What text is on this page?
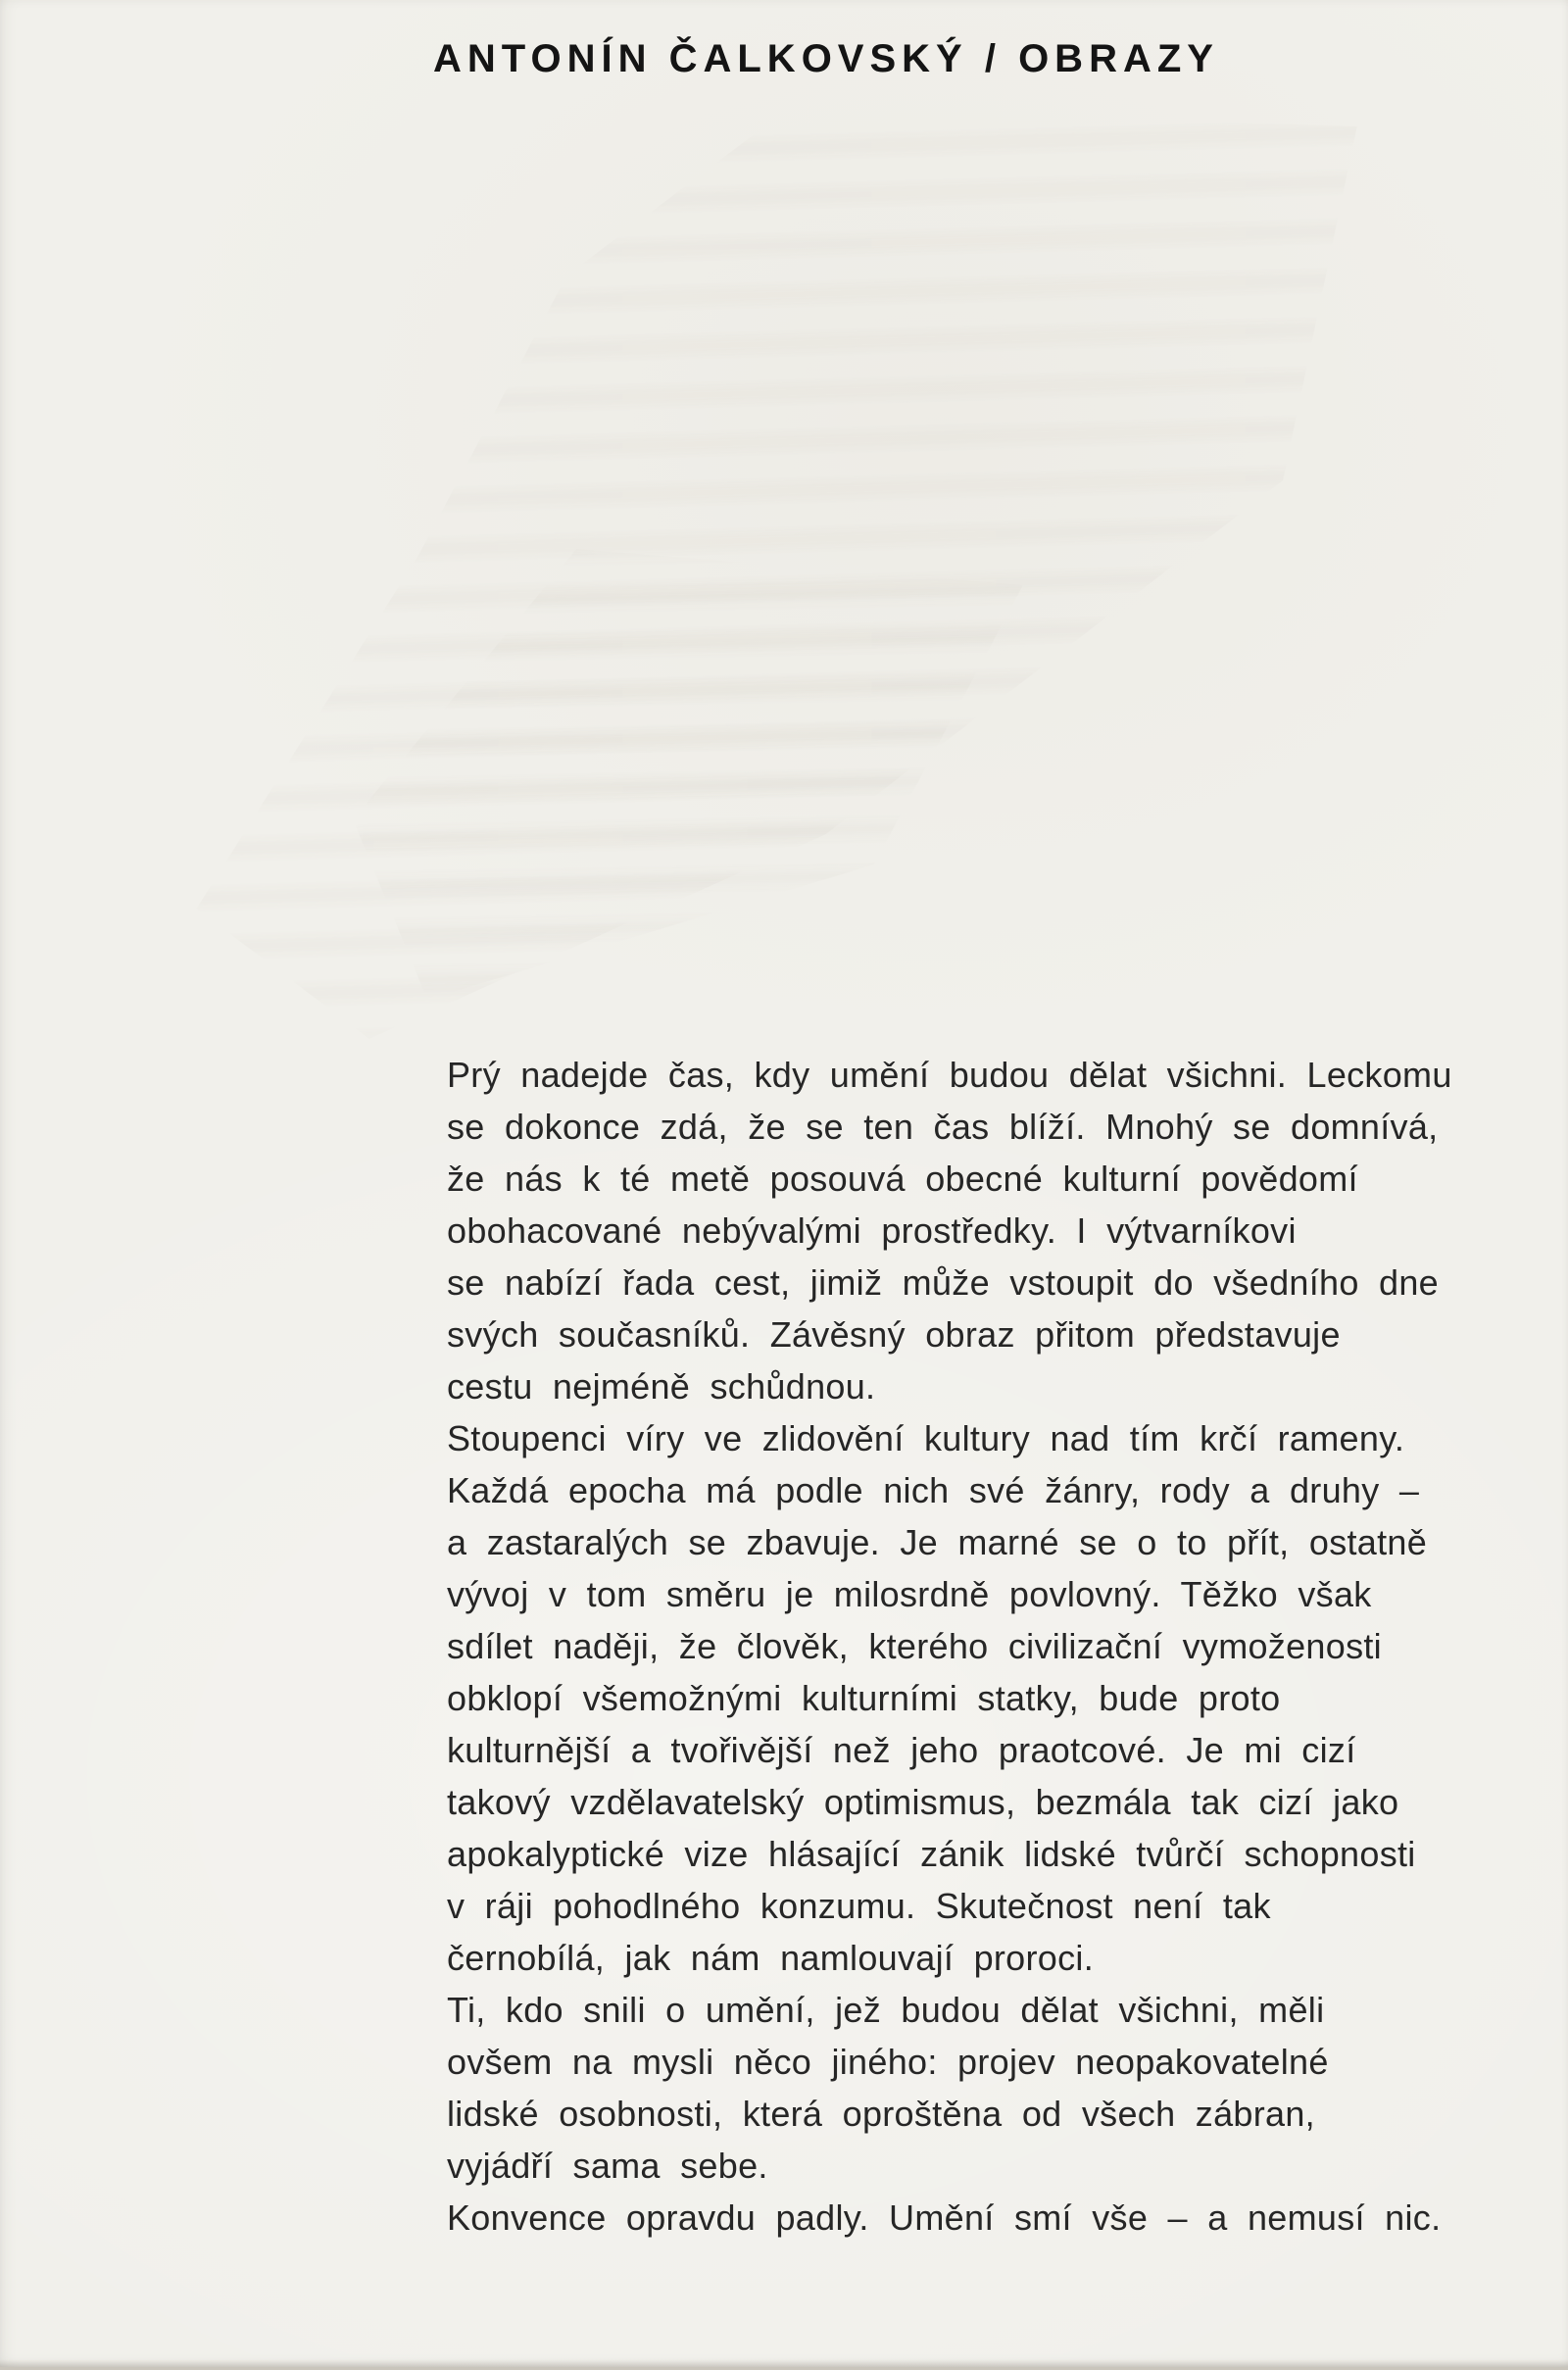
ANTONÍN ČALKOVSKÝ / OBRAZY
Prý nadejde čas, kdy umění budou dělat všichni. Leckomu
se dokonce zdá, že se ten čas blíží. Mnohý se domnívá,
že nás k té metě posouvá obecné kulturní povědomí
obohacované nebývalými prostředky. I výtvarníkovi
se nabízí řada cest, jimiž může vstoupit do všedního dne
svých současníků. Závěsný obraz přitom představuje
cestu nejméně schůdnou.
Stoupenci víry ve zlidovění kultury nad tím krčí rameny.
Každá epocha má podle nich své žánry, rody a druhy –
a zastaralých se zbavuje. Je marné se o to přít, ostatně
vývoj v tom směru je milosrdně povlovný. Těžko však
sdílet naději, že člověk, kterého civilizační vymoženosti
obklopí všemožnými kulturními statky, bude proto
kulturnější a tvořivější než jeho praotcové. Je mi cizí
takový vzdělavatelský optimismus, bezmála tak cizí jako
apokalyptické vize hlásající zánik lidské tvůrčí schopnosti
v ráji pohodlného konzumu. Skutečnost není tak
černobílá, jak nám namlouvají proroci.
Ti, kdo snili o umění, jež budou dělat všichni, měli
ovšem na mysli něco jiného: projev neopakovatelné
lidské osobnosti, která oproštěna od všech zábran,
vyjádří sama sebe.
Konvence opravdu padly. Umění smí vše – a nemusí nic.
